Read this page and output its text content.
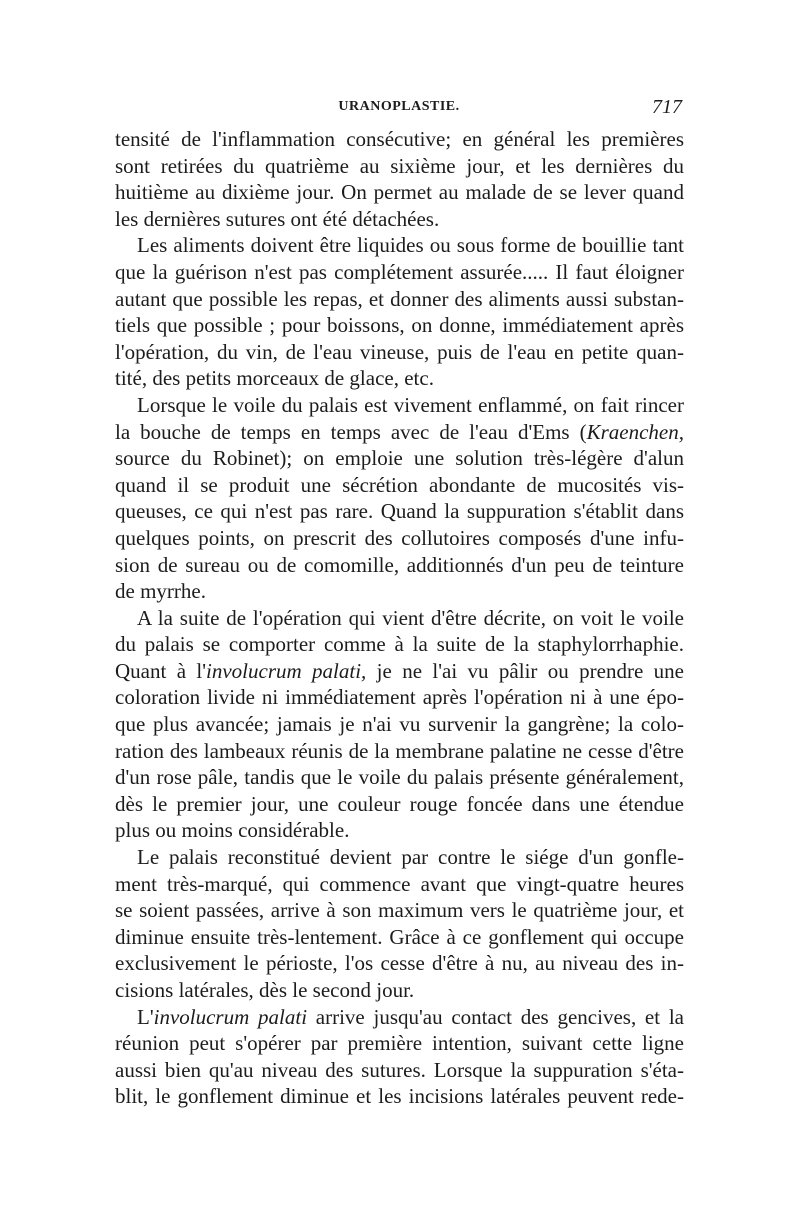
URANOPLASTIE.	717
tensité de l'inflammation consécutive; en général les premières
sont retirées du quatrième au sixième jour, et les dernières du
huitième au dixième jour. On permet au malade de se lever quand
les dernières sutures ont été détachées.
Les aliments doivent être liquides ou sous forme de bouillie tant
que la guérison n'est pas complétement assurée..... Il faut éloigner
autant que possible les repas, et donner des aliments aussi substan-
tiels que possible ; pour boissons, on donne, immédiatement après
l'opération, du vin, de l'eau vineuse, puis de l'eau en petite quan-
tité, des petits morceaux de glace, etc.
Lorsque le voile du palais est vivement enflammé, on fait rincer
la bouche de temps en temps avec de l'eau d'Ems (Kraenchen,
source du Robinet); on emploie une solution très-légère d'alun
quand il se produit une sécrétion abondante de mucosités vis-
queuses, ce qui n'est pas rare. Quand la suppuration s'établit dans
quelques points, on prescrit des collutoires composés d'une infu-
sion de sureau ou de comomille, additionnés d'un peu de teinture
de myrrhe.
A la suite de l'opération qui vient d'être décrite, on voit le voile
du palais se comporter comme à la suite de la staphylorrhaphie.
Quant à l'involucrum palati, je ne l'ai vu pâlir ou prendre une
coloration livide ni immédiatement après l'opération ni à une épo-
que plus avancée; jamais je n'ai vu survenir la gangrène; la colo-
ration des lambeaux réunis de la membrane palatine ne cesse d'être
d'un rose pâle, tandis que le voile du palais présente généralement,
dès le premier jour, une couleur rouge foncée dans une étendue
plus ou moins considérable.
Le palais reconstitué devient par contre le siége d'un gonfle-
ment très-marqué, qui commence avant que vingt-quatre heures
se soient passées, arrive à son maximum vers le quatrième jour, et
diminue ensuite très-lentement. Grâce à ce gonflement qui occupe
exclusivement le périoste, l'os cesse d'être à nu, au niveau des in-
cisions latérales, dès le second jour.
L'involucrum palati arrive jusqu'au contact des gencives, et la
réunion peut s'opérer par première intention, suivant cette ligne
aussi bien qu'au niveau des sutures. Lorsque la suppuration s'éta-
blit, le gonflement diminue et les incisions latérales peuvent rede-
